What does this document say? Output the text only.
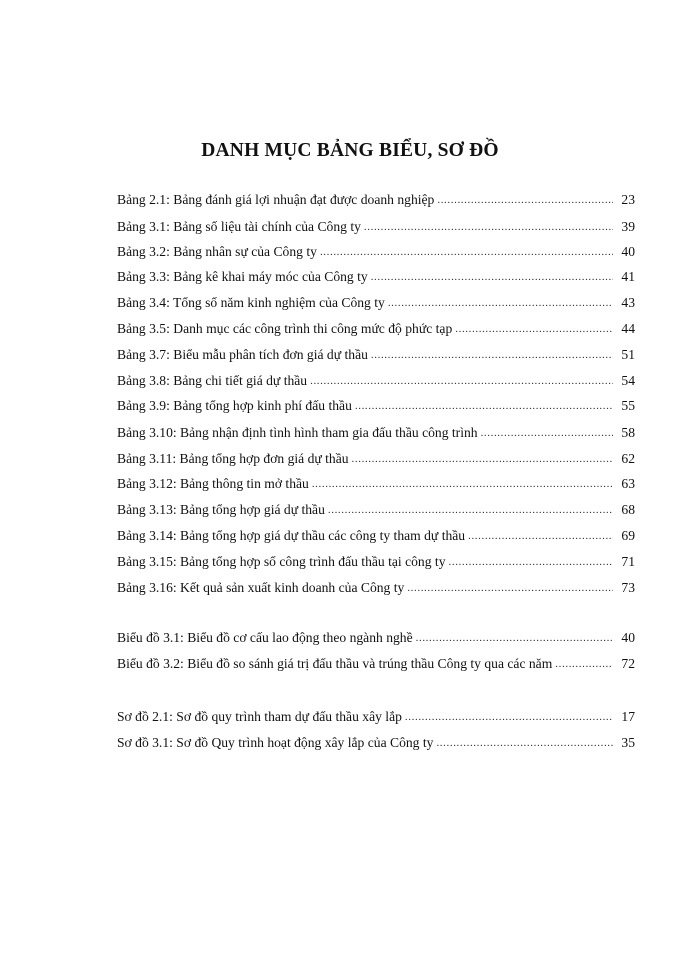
DANH MỤC BẢNG BIỂU, SƠ ĐỒ
Bảng 2.1: Bảng đánh giá lợi nhuận đạt được doanh nghiệp .....	23
Bảng 3.1: Bảng số liệu tài chính của Công ty .....	39
Bảng 3.2: Bảng nhân sự của Công ty .....	40
Bảng 3.3: Bảng kê khai máy móc của Công ty .....	41
Bảng 3.4: Tổng số năm kinh nghiệm của Công ty .....	43
Bảng 3.5: Danh mục các công trình thi công mức độ phức tạp .....	44
Bảng 3.7: Biểu mẫu phân tích đơn giá dự thầu .....	51
Bảng 3.8: Bảng chi tiết giá dự thầu .....	54
Bảng 3.9: Bảng tổng hợp kinh phí đấu thầu .....	55
Bảng 3.10: Bảng nhận định tình hình tham gia đấu thầu công trình .....	58
Bảng 3.11: Bảng tổng hợp đơn giá dự thầu .....	62
Bảng 3.12: Bảng thông tin mở thầu .....	63
Bảng 3.13: Bảng tổng hợp giá dự thầu .....	68
Bảng 3.14: Bảng tổng hợp giá dự thầu các công ty tham dự thầu .....	69
Bảng 3.15: Bảng tổng hợp số công trình đấu thầu tại công ty .....	71
Bảng 3.16: Kết quả sản xuất kinh doanh của Công ty .....	73
Biểu đồ 3.1: Biểu đồ cơ cấu lao động theo ngành nghề .....	40
Biểu đồ 3.2: Biểu đồ so sánh giá trị đấu thầu và trúng thầu Công ty qua các năm .....	72
Sơ đồ 2.1: Sơ đồ quy trình tham dự đấu thầu xây lắp .....	17
Sơ đồ 3.1: Sơ đồ Quy trình hoạt động xây lắp của Công ty .....	35
